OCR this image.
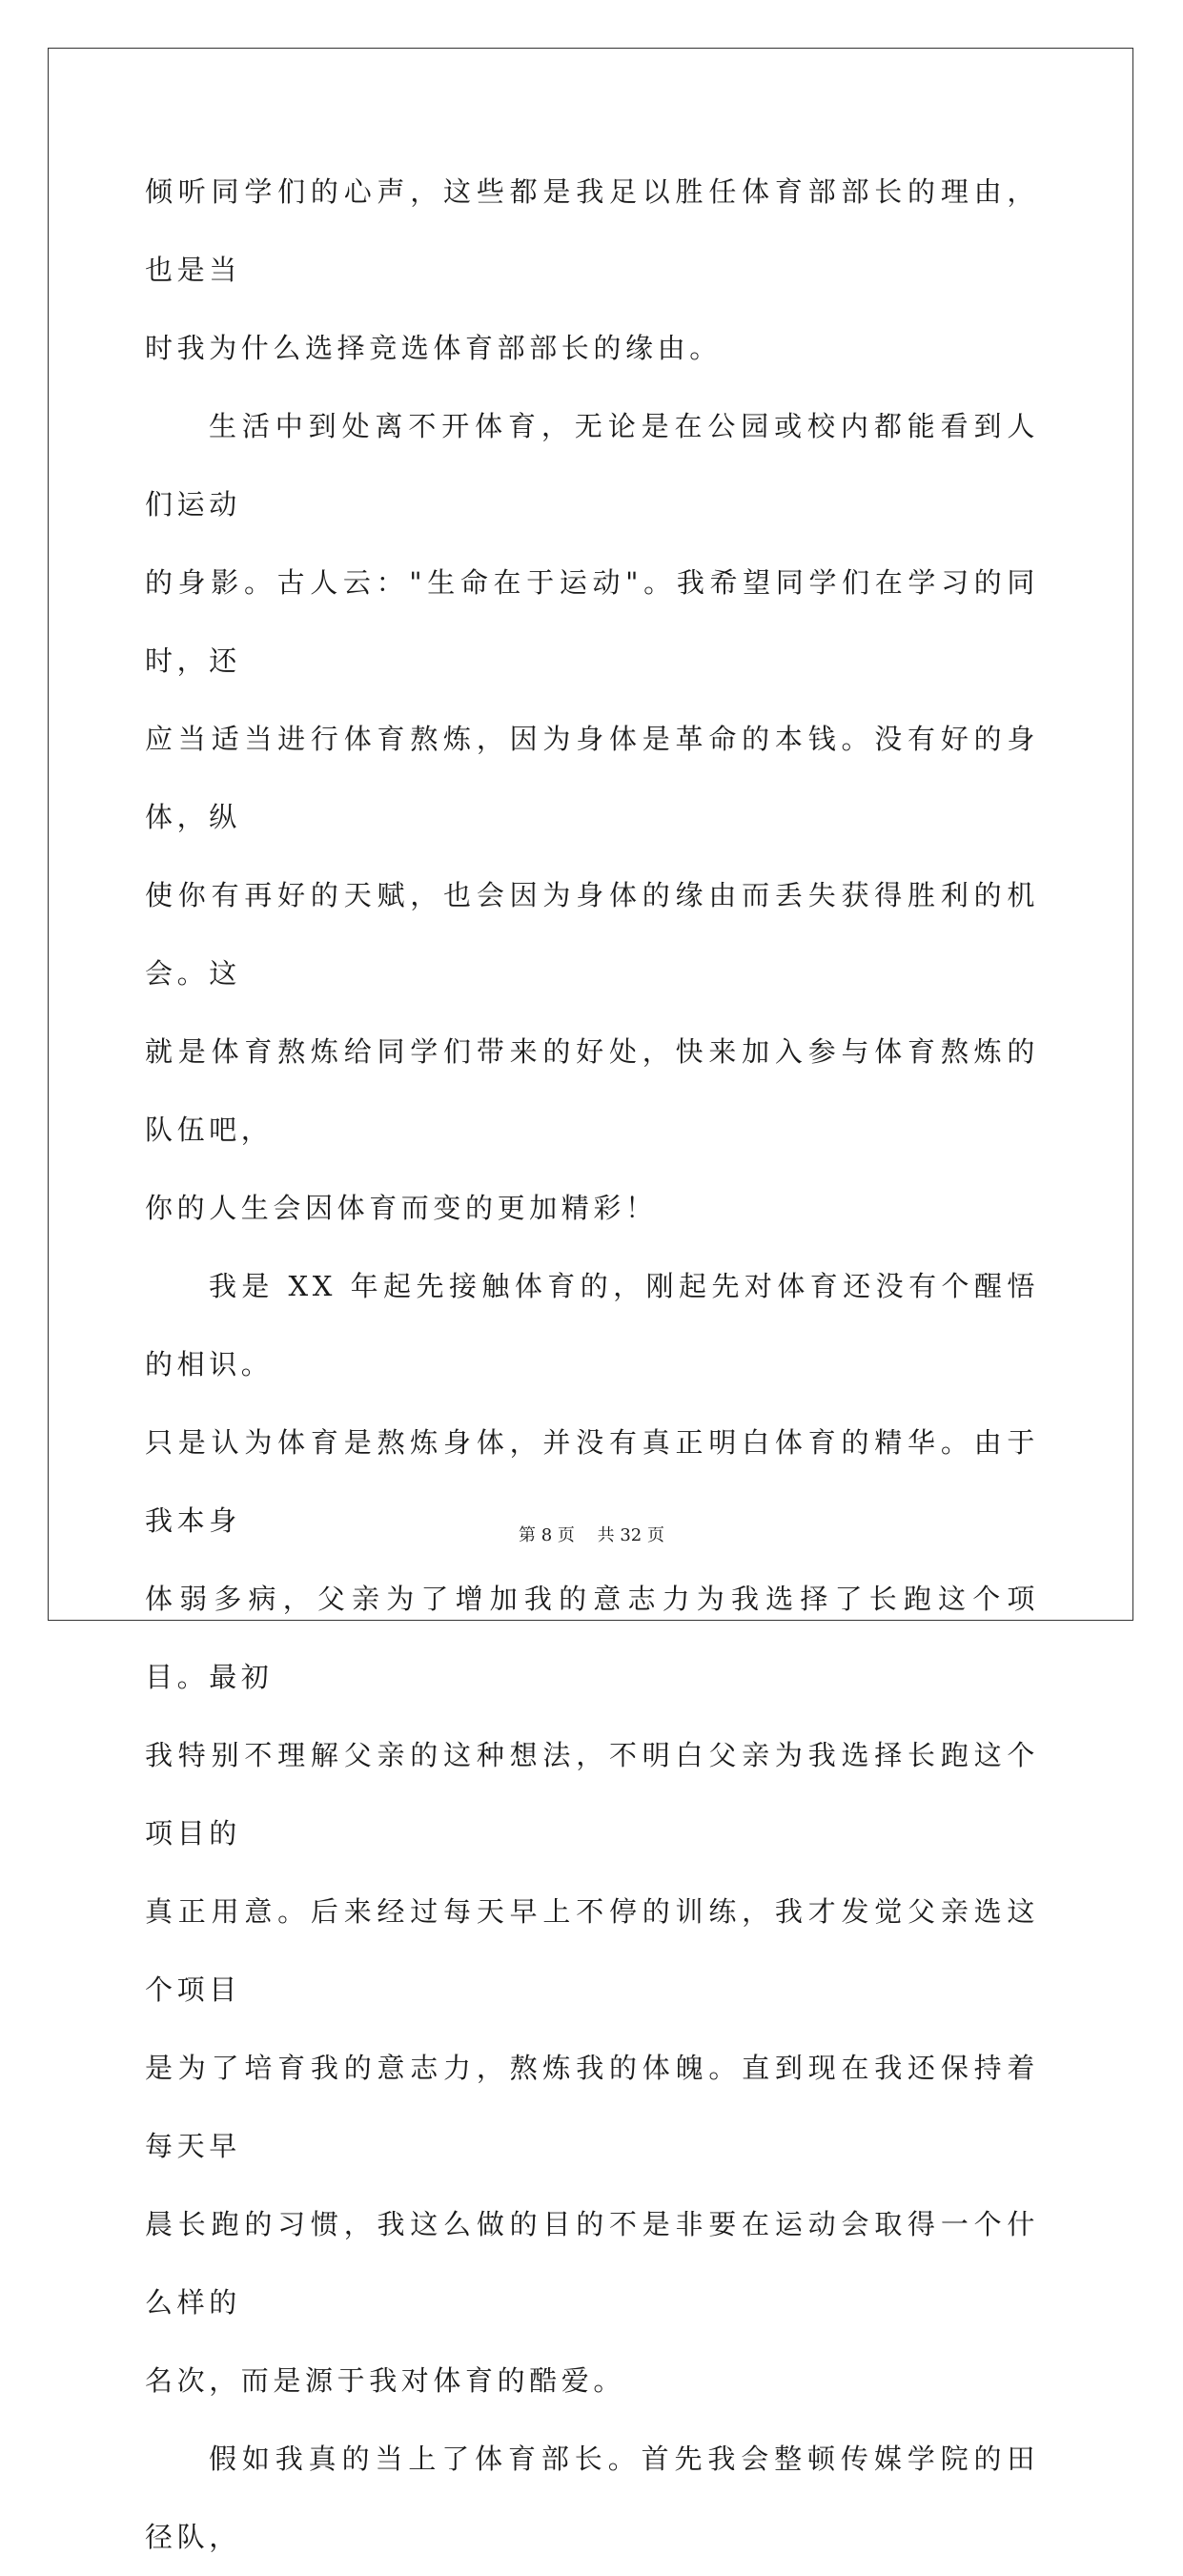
倾听同学们的心声，这些都是我足以胜任体育部部长的理由，也是当
时我为什么选择竞选体育部部长的缘由。

生活中到处离不开体育，无论是在公园或校内都能看到人们运动
的身影。古人云："生命在于运动"。我希望同学们在学习的同时，还
应当适当进行体育熬炼，因为身体是革命的本钱。没有好的身体，纵
使你有再好的天赋，也会因为身体的缘由而丢失获得胜利的机会。这
就是体育熬炼给同学们带来的好处，快来加入参与体育熬炼的队伍吧，
你的人生会因体育而变的更加精彩！

我是 XX 年起先接触体育的，刚起先对体育还没有个醒悟的相识。
只是认为体育是熬炼身体，并没有真正明白体育的精华。由于我本身
体弱多病，父亲为了增加我的意志力为我选择了长跑这个项目。最初
我特别不理解父亲的这种想法，不明白父亲为我选择长跑这个项目的
真正用意。后来经过每天早上不停的训练，我才发觉父亲选这个项目
是为了培育我的意志力，熬炼我的体魄。直到现在我还保持着每天早
晨长跑的习惯，我这么做的目的不是非要在运动会取得一个什么样的
名次，而是源于我对体育的酷爱。

假如我真的当上了体育部长。首先我会整顿传媒学院的田径队，

第 8 页　 共 32 页
